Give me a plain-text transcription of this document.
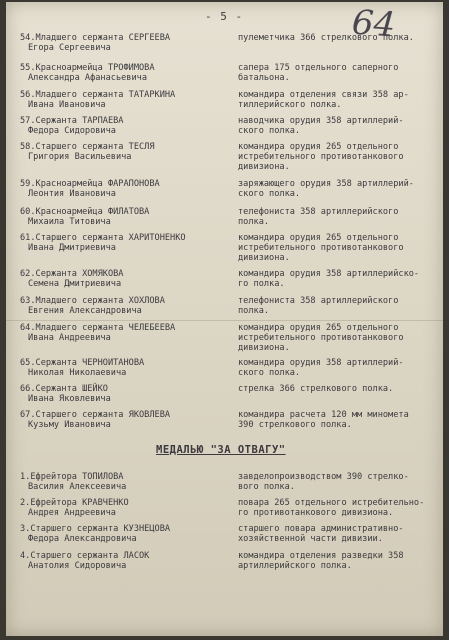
- 5 -	64
54.Младшего сержанта СЕРГЕЕВА
Егора Сергеевича
пулеметчика 366 стрелкового полка.
55.Красноармейца ТРОФИМОВА
Александра Афанасьевича
сапера 175 отдельного саперного
батальона.
56.Младшего сержанта ТАТАРКИНА
Ивана Ивановича
командира отделения связи 358 ар-
тиллерийского полка.
57.Сержанта ТАРПАЕВА
Федора Сидоровича
наводчика орудия 358 артиллерий-
ского полка.
58.Старшего сержанта ТЕСЛЯ
Григория Васильевича
командира орудия 265 отдельного
истребительного противотанкового
дивизиона.
59.Красноармейца ФАРАПОНОВА
Леонтия Ивановича
заряжающего орудия 358 артиллерий-
ского полка.
60.Красноармейца ФИЛАТОВА
Михаила Титовича
телефониста 358 артиллерийского
полка.
61.Старшего сержанта ХАРИТОНЕНКО
Ивана Дмитриевича
командира орудия 265 отдельного
истребительного противотанкового
дивизиона.
62.Сержанта ХОМЯКОВА
Семена Дмитриевича
командира орудия 358 артиллерийско-
го полка.
63.Младшего сержанта ХОХЛОВА
Евгения Александровича
телефониста 358 артиллерийского
полка.
64.Младшего сержанта ЧЕЛЕБЕЕВА
Ивана Андреевича
командира орудия 265 отдельного
истребительного противотанкового
дивизиона.
65.Сержанта ЧЕРНОИТАНОВА
Николая Николаевича
командира орудия 358 артиллерий-
ского полка.
66.Сержанта ШЕЙКО
Ивана Яковлевича
стрелка 366 стрелкового полка.
67.Старшего сержанта ЯКОВЛЕВА
Кузьму Ивановича
командира расчета 120 мм миномета
390 стрелкового полка.
МЕДАЛЬЮ "ЗА ОТВАГУ"
1.Ефрейтора ТОПИЛОВА
Василия Алексеевича
завделопроизводством 390 стрелко-
вого полка.
2.Ефрейтора КРАВЧЕНКО
Андрея Андреевича
повара 265 отдельного истребительно-
го противотанкового дивизиона.
3.Старшего сержанта КУЗНЕЦОВА
Федора Александровича
старшего повара административно-
хозяйственной части дивизии.
4.Старшего сержанта ЛАСОК
Анатолия Сидоровича
командира отделения разведки 358
артиллерийского полка.
